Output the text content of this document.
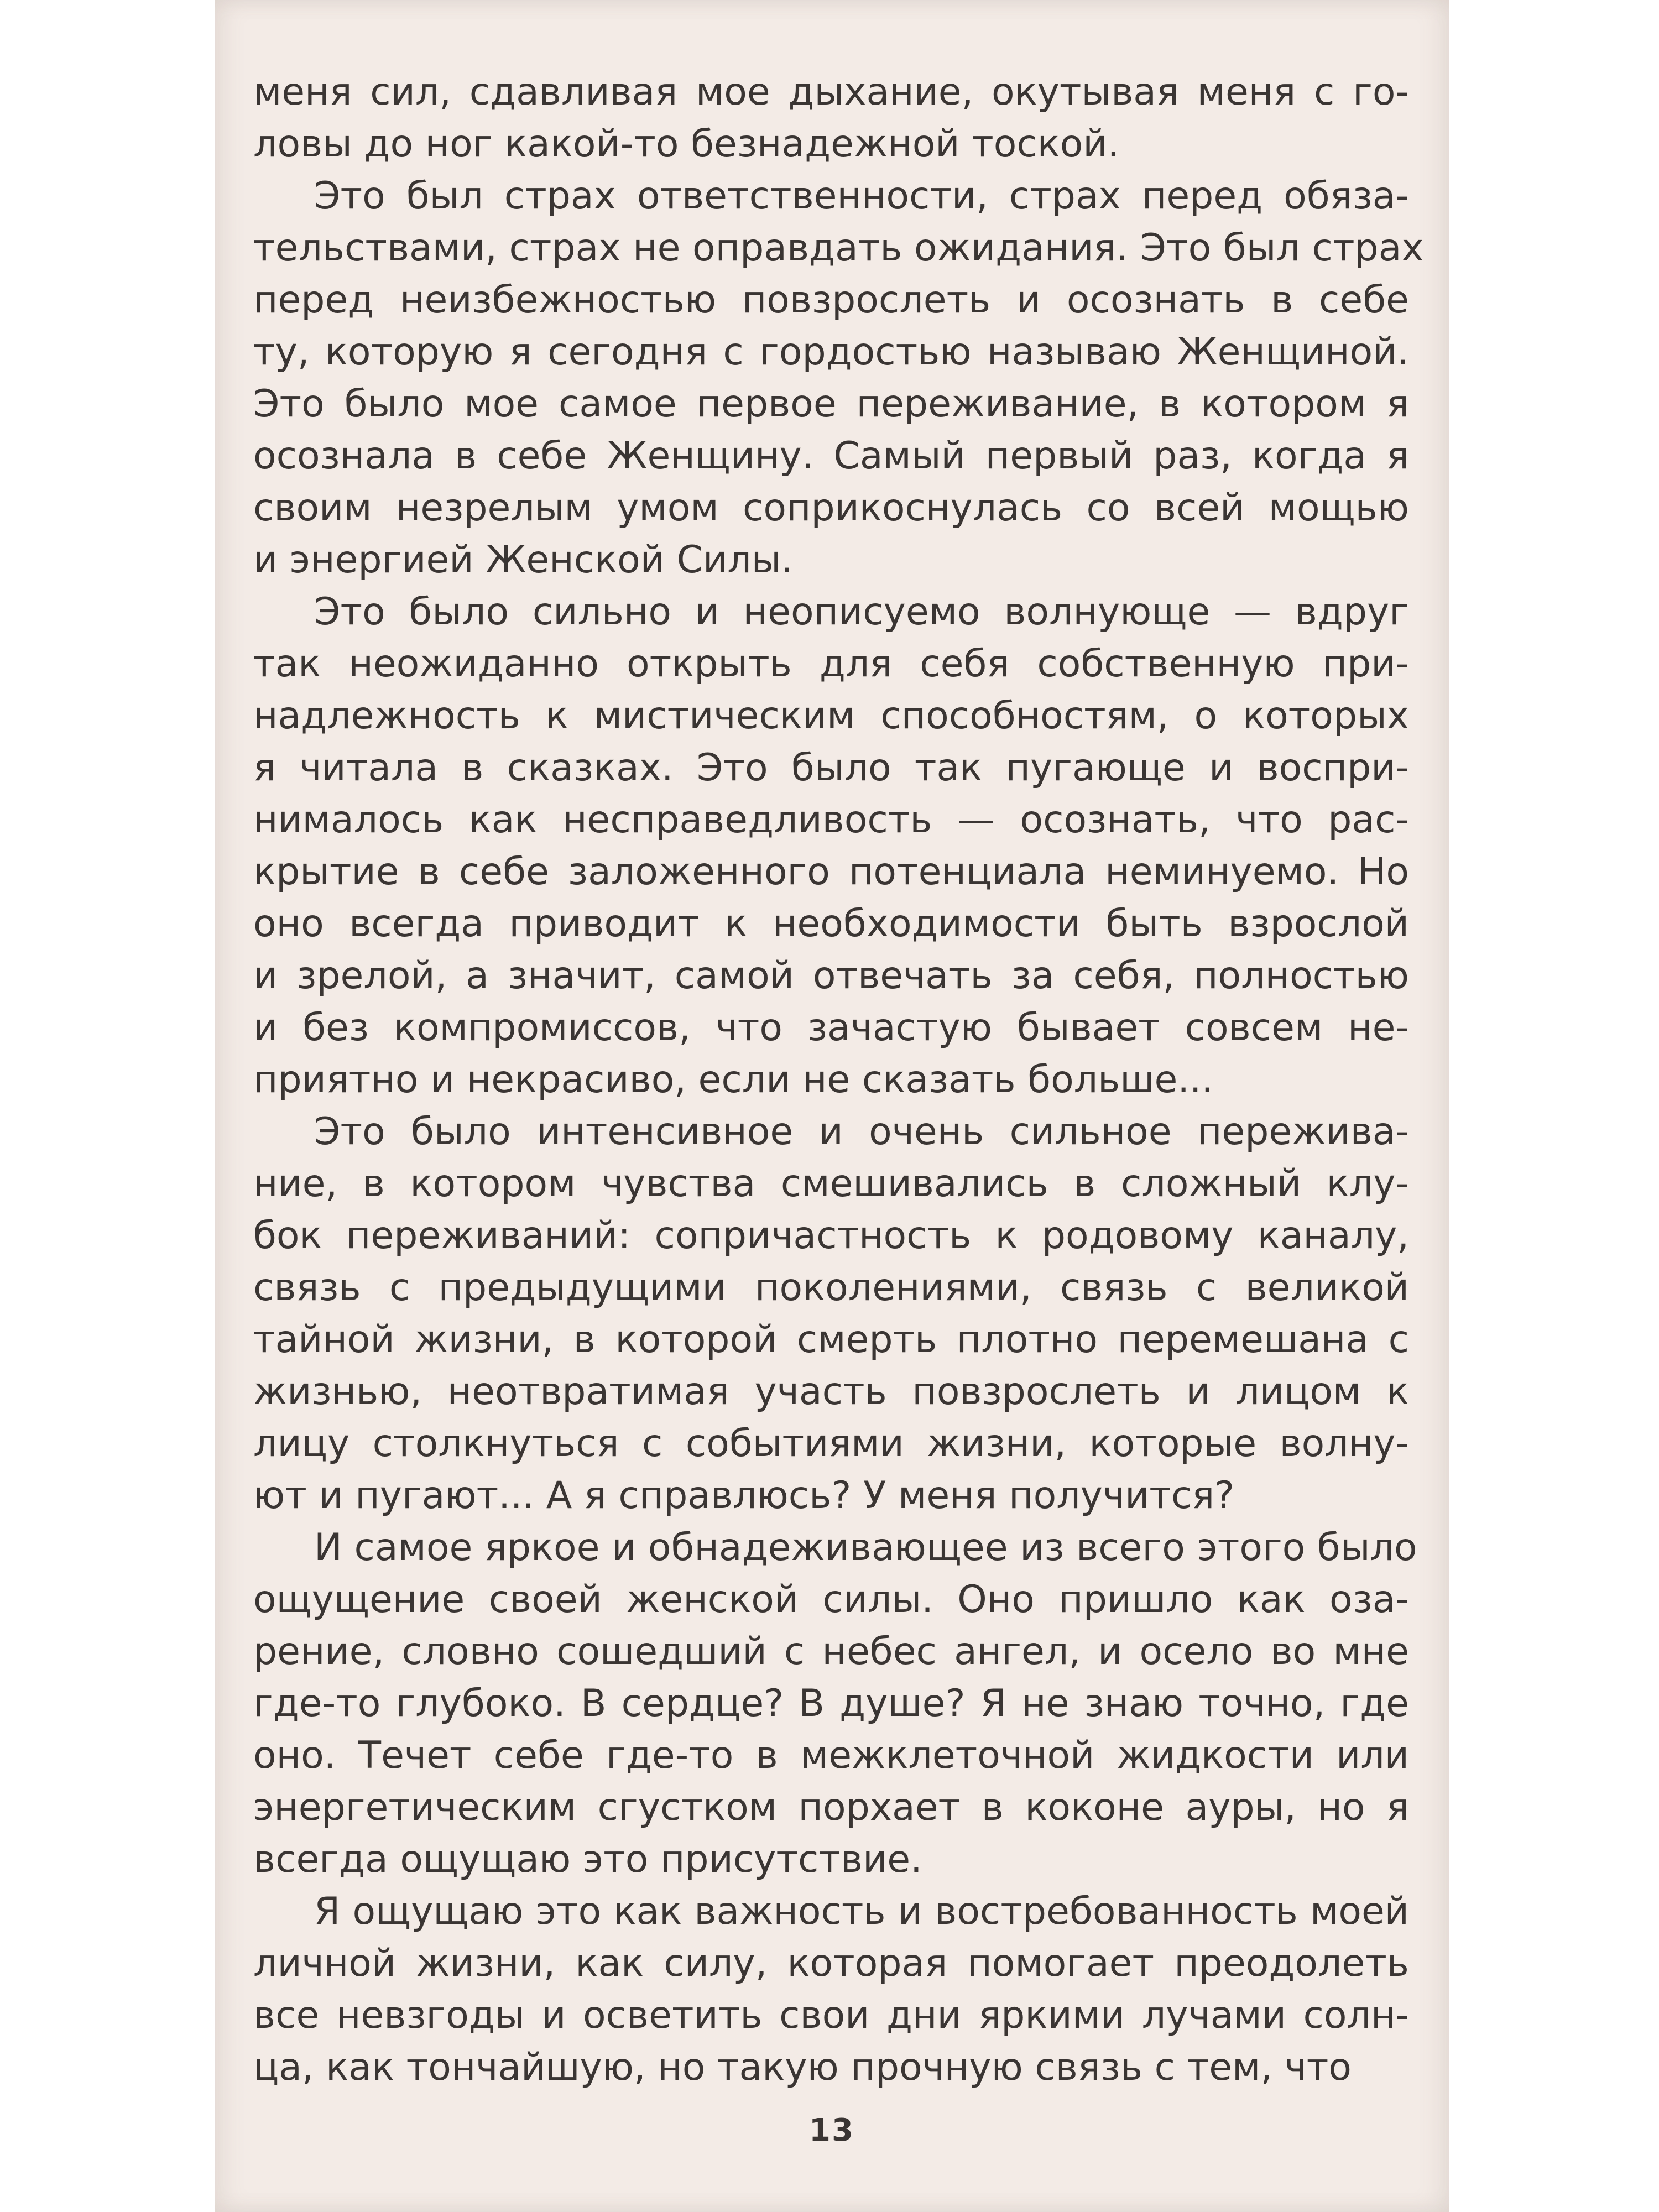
меня сил, сдавливая мое дыхание, окутывая меня с го-
ловы до ног какой-то безнадежной тоской.
Это был страх ответственности, страх перед обяза-
тельствами, страх не оправдать ожидания. Это был страх
перед неизбежностью повзрослеть и осознать в себе
ту, которую я сегодня с гордостью называю Женщиной.
Это было мое самое первое переживание, в котором я
осознала в себе Женщину. Самый первый раз, когда я
своим незрелым умом соприкоснулась со всей мощью
и энергией Женской Силы.
Это было сильно и неописуемо волнующе — вдруг
так неожиданно открыть для себя собственную при-
надлежность к мистическим способностям, о которых
я читала в сказках. Это было так пугающе и воспри-
нималось как несправедливость — осознать, что рас-
крытие в себе заложенного потенциала неминуемо. Но
оно всегда приводит к необходимости быть взрослой
и зрелой, а значит, самой отвечать за себя, полностью
и без компромиссов, что зачастую бывает совсем не-
приятно и некрасиво, если не сказать больше...
Это было интенсивное и очень сильное пережива-
ние, в котором чувства смешивались в сложный клу-
бок переживаний: сопричастность к родовому каналу,
связь с предыдущими поколениями, связь с великой
тайной жизни, в которой смерть плотно перемешана с
жизнью, неотвратимая участь повзрослеть и лицом к
лицу столкнуться с событиями жизни, которые волну-
ют и пугают... А я справлюсь? У меня получится?
И самое яркое и обнадеживающее из всего этого было
ощущение своей женской силы. Оно пришло как оза-
рение, словно сошедший с небес ангел, и осело во мне
где-то глубоко. В сердце? В душе? Я не знаю точно, где
оно. Течет себе где-то в межклеточной жидкости или
энергетическим сгустком порхает в коконе ауры, но я
всегда ощущаю это присутствие.
Я ощущаю это как важность и востребованность моей
личной жизни, как силу, которая помогает преодолеть
все невзгоды и осветить свои дни яркими лучами солн-
ца, как тончайшую, но такую прочную связь с тем, что
13
